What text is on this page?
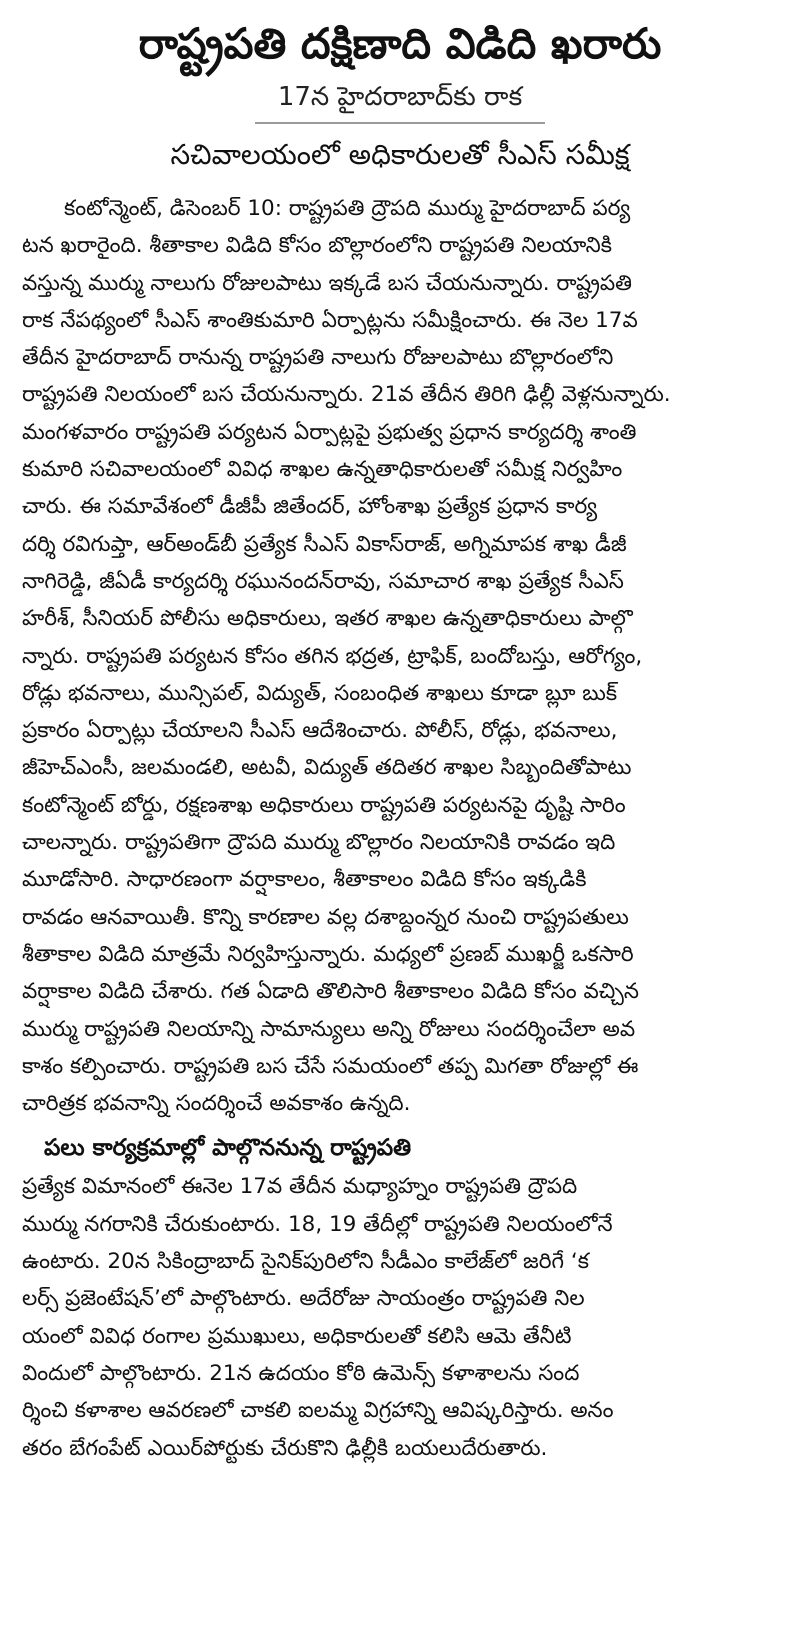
రాష్ట్రపతి దక్షిణాది విడిది ఖరారు
17న హైదరాబాద్‌కు రాక
సచివాలయంలో అధికారులతో సీఎస్ సమీక్ష
కంటోన్మెంట్, డిసెంబర్ 10: రాష్ట్రపతి ద్రౌపది ముర్ము హైదరాబాద్ పర్య
టన ఖరారైంది. శీతాకాల విడిది కోసం బొల్లారంలోని రాష్ట్రపతి నిలయానికి
వస్తున్న ముర్ము నాలుగు రోజులపాటు ఇక్కడే బస చేయనున్నారు. రాష్ట్రపతి
రాక నేపథ్యంలో సీఎస్ శాంతికుమారి ఏర్పాట్లను సమీక్షించారు. ఈ నెల 17వ
తేదీన హైదరాబాద్ రానున్న రాష్ట్రపతి నాలుగు రోజులపాటు బొల్లారంలోని
రాష్ట్రపతి నిలయంలో బస చేయనున్నారు. 21వ తేదీన తిరిగి ఢిల్లీ వెళ్లనున్నారు.
మంగళవారం రాష్ట్రపతి పర్యటన ఏర్పాట్లపై ప్రభుత్వ ప్రధాన కార్యదర్శి శాంతి
కుమారి సచివాలయంలో వివిధ శాఖల ఉన్నతాధికారులతో సమీక్ష నిర్వహిం
చారు. ఈ సమావేశంలో డీజీపీ జితేందర్, హోంశాఖ ప్రత్యేక ప్రధాన కార్య
దర్శి రవిగుప్తా, ఆర్అండ్‌బీ ప్రత్యేక సీఎస్ వికాస్‌రాజ్, అగ్నిమాపక శాఖ డీజీ
నాగిరెడ్డి, జీఏడీ కార్యదర్శి రఘునందన్‌రావు, సమాచార శాఖ ప్రత్యేక సీఎస్
హరీశ్, సీనియర్ పోలీసు అధికారులు, ఇతర శాఖల ఉన్నతాధికారులు పాల్గొ
న్నారు. రాష్ట్రపతి పర్యటన కోసం తగిన భద్రత, ట్రాఫిక్, బందోబస్తు, ఆరోగ్యం,
రోడ్లు భవనాలు, మున్సిపల్, విద్యుత్, సంబంధిత శాఖలు కూడా బ్లూ బుక్
ప్రకారం ఏర్పాట్లు చేయాలని సీఎస్ ఆదేశించారు. పోలీస్, రోడ్లు, భవనాలు,
జీహెచ్ఎంసీ, జలమండలి, అటవీ, విద్యుత్ తదితర శాఖల సిబ్బందితోపాటు
కంటోన్మెంట్ బోర్డు, రక్షణశాఖ అధికారులు రాష్ట్రపతి పర్యటనపై దృష్టి సారిం
చాలన్నారు. రాష్ట్రపతిగా ద్రౌపది ముర్ము బొల్లారం నిలయానికి రావడం ఇది
మూడోసారి. సాధారణంగా వర్షాకాలం, శీతాకాలం విడిది కోసం ఇక్కడికి
రావడం ఆనవాయితీ. కొన్ని కారణాల వల్ల దశాబ్దంన్నర నుంచి రాష్ట్రపతులు
శీతాకాల విడిది మాత్రమే నిర్వహిస్తున్నారు. మధ్యలో ప్రణబ్ ముఖర్జీ ఒకసారి
వర్షాకాల విడిది చేశారు. గత ఏడాది తొలిసారి శీతాకాలం విడిది కోసం వచ్చిన
ముర్ము రాష్ట్రపతి నిలయాన్ని సామాన్యులు అన్ని రోజులు సందర్శించేలా అవ
కాశం కల్పించారు. రాష్ట్రపతి బస చేసే సమయంలో తప్ప మిగతా రోజుల్లో ఈ
చారిత్రక భవనాన్ని సందర్శించే అవకాశం ఉన్నది.
పలు కార్యక్రమాల్లో పాల్గొననున్న రాష్ట్రపతి
ప్రత్యేక విమానంలో ఈనెల 17వ తేదీన మధ్యాహ్నం రాష్ట్రపతి ద్రౌపది
ముర్ము నగరానికి చేరుకుంటారు. 18, 19 తేదీల్లో రాష్ట్రపతి నిలయంలోనే
ఉంటారు. 20న సికింద్రాబాద్ సైనిక్‌పురిలోని సీడీఎం కాలేజ్‌లో జరిగే ‘క
లర్స్ ప్రజెంటేషన్’లో పాల్గొంటారు. అదేరోజు సాయంత్రం రాష్ట్రపతి నిల
యంలో వివిధ రంగాల ప్రముఖులు, అధికారులతో కలిసి ఆమె తేనీటి
విందులో పాల్గొంటారు. 21న ఉదయం కోఠి ఉమెన్స్ కళాశాలను సంద
ర్శించి కళాశాల ఆవరణలో చాకలి ఐలమ్మ విగ్రహాన్ని ఆవిష్కరిస్తారు. అనం
తరం బేగంపేట్ ఎయిర్‌పోర్టుకు చేరుకొని ఢిల్లీకి బయలుదేరుతారు.
